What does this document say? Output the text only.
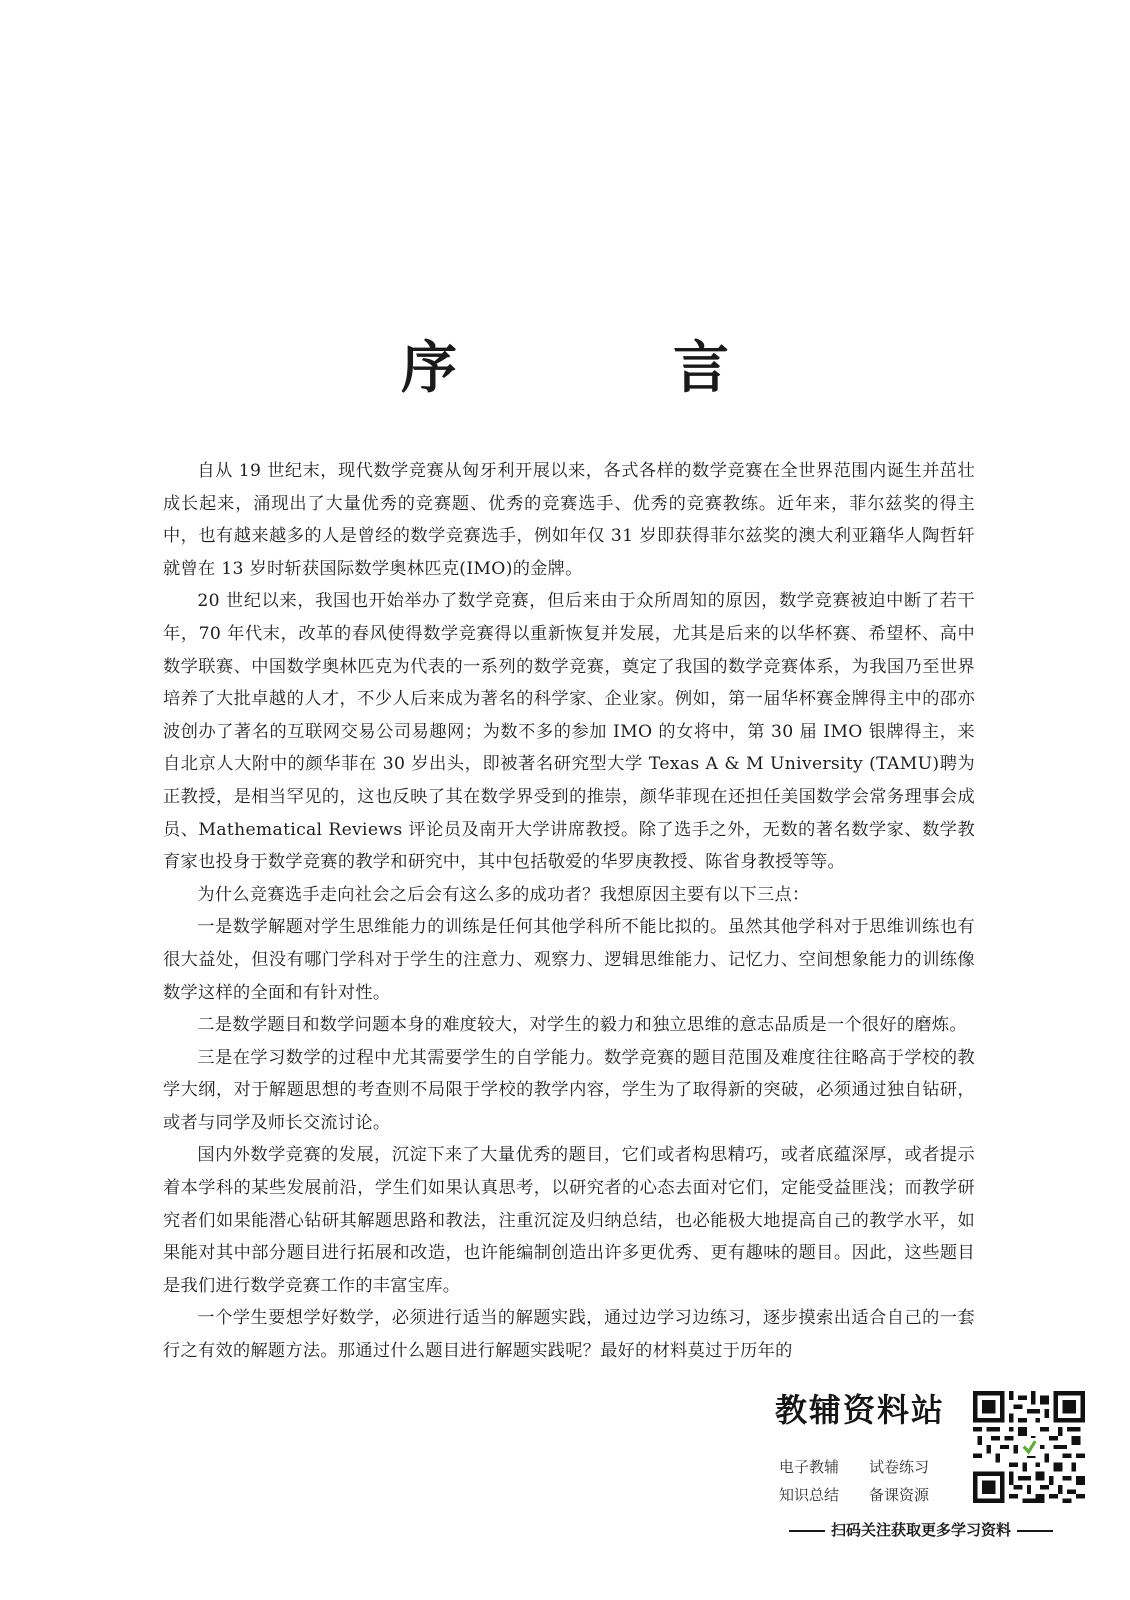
序　言

自从 19 世纪末，现代数学竞赛从匈牙利开展以来，各式各样的数学竞赛在全世界范围内诞生并茁壮成长起来，涌现出了大量优秀的竞赛题、优秀的竞赛选手、优秀的竞赛教练。近年来，菲尔兹奖的得主中，也有越来越多的人是曾经的数学竞赛选手，例如年仅 31 岁即获得菲尔兹奖的澳大利亚籍华人陶哲轩就曾在 13 岁时斩获国际数学奥林匹克(IMO)的金牌。

20 世纪以来，我国也开始举办了数学竞赛，但后来由于众所周知的原因，数学竞赛被迫中断了若干年，70 年代末，改革的春风使得数学竞赛得以重新恢复并发展，尤其是后来的以华杯赛、希望杯、高中数学联赛、中国数学奥林匹克为代表的一系列的数学竞赛，奠定了我国的数学竞赛体系，为我国乃至世界培养了大批卓越的人才，不少人后来成为著名的科学家、企业家。例如，第一届华杯赛金牌得主中的邵亦波创办了著名的互联网交易公司易趣网；为数不多的参加 IMO 的女将中，第 30 届 IMO 银牌得主，来自北京人大附中的颜华菲在 30 岁出头，即被著名研究型大学 Texas A & M University (TAMU)聘为正教授，是相当罕见的，这也反映了其在数学界受到的推崇，颜华菲现在还担任美国数学会常务理事会成员、Mathematical Reviews 评论员及南开大学讲席教授。除了选手之外，无数的著名数学家、数学教育家也投身于数学竞赛的教学和研究中，其中包括敬爱的华罗庚教授、陈省身教授等等。

为什么竞赛选手走向社会之后会有这么多的成功者？我想原因主要有以下三点：

一是数学解题对学生思维能力的训练是任何其他学科所不能比拟的。虽然其他学科对于思维训练也有很大益处，但没有哪门学科对于学生的注意力、观察力、逻辑思维能力、记忆力、空间想象能力的训练像数学这样的全面和有针对性。

二是数学题目和数学问题本身的难度较大，对学生的毅力和独立思维的意志品质是一个很好的磨炼。

三是在学习数学的过程中尤其需要学生的自学能力。数学竞赛的题目范围及难度往往略高于学校的教学大纲，对于解题思想的考查则不局限于学校的教学内容，学生为了取得新的突破，必须通过独自钻研，或者与同学及师长交流讨论。

国内外数学竞赛的发展，沉淀下来了大量优秀的题目，它们或者构思精巧，或者底蕴深厚，或者提示着本学科的某些发展前沿，学生们如果认真思考，以研究者的心态去面对它们，定能受益匪浅；而教学研究者们如果能潜心钻研其解题思路和教法，注重沉淀及归纳总结，也必能极大地提高自己的教学水平，如果能对其中部分题目进行拓展和改造，也许能编制创造出许多更优秀、更有趣味的题目。因此，这些题目是我们进行数学竞赛工作的丰富宝库。

一个学生要想学好数学，必须进行适当的解题实践，通过边学习边练习，逐步摸索出适合自己的一套行之有效的解题方法。那通过什么题目进行解题实践呢？最好的材料莫过于历年的

教辅资料站
电子教辅 试卷练习
知识总结 备课资源
扫码关注获取更多学习资料
